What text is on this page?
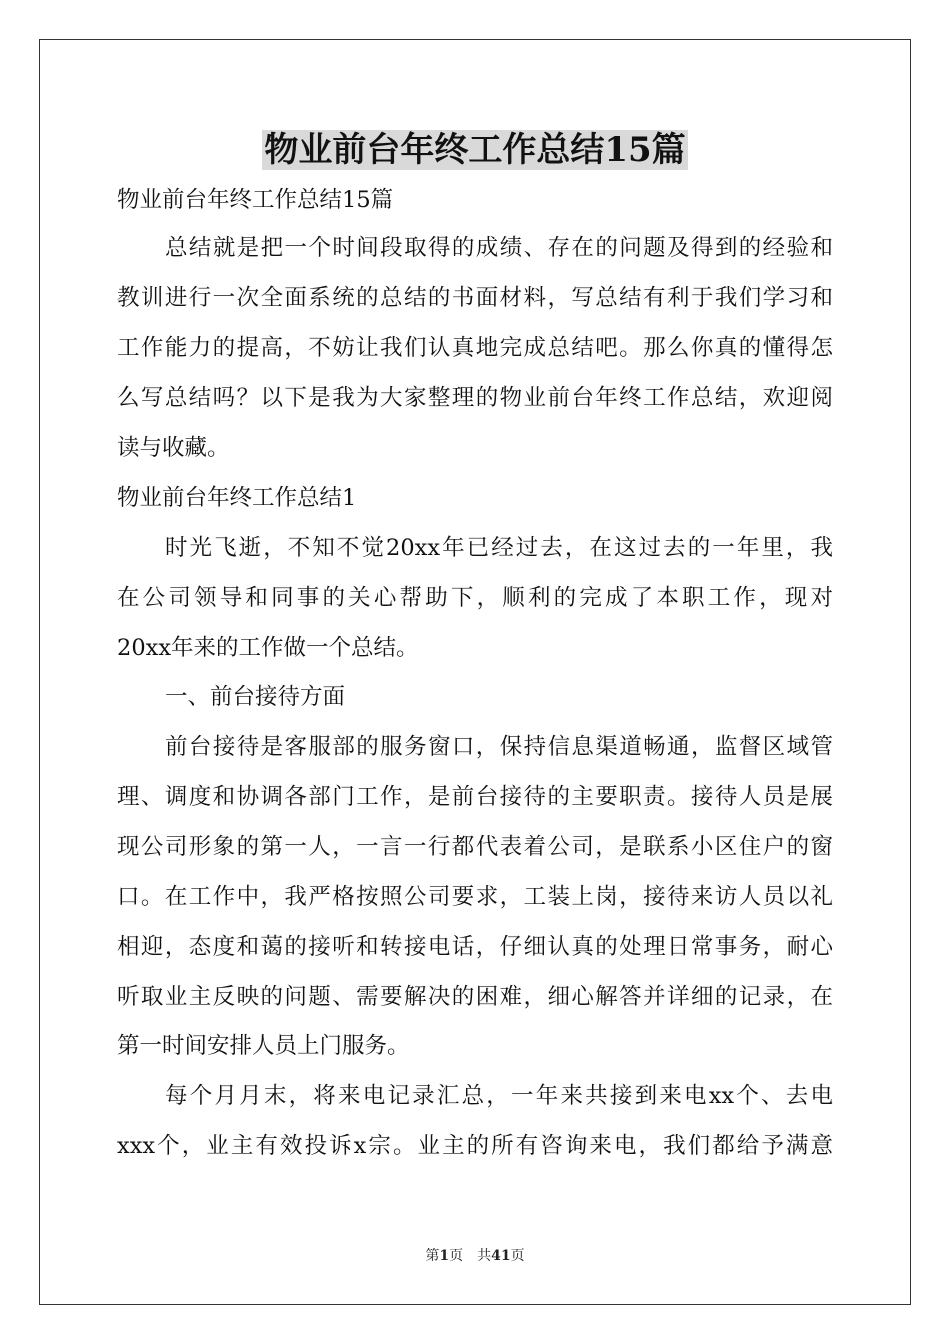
物业前台年终工作总结15篇
物业前台年终工作总结15篇
总结就是把一个时间段取得的成绩、存在的问题及得到的经验和
教训进行一次全面系统的总结的书面材料，写总结有利于我们学习和
工作能力的提高，不妨让我们认真地完成总结吧。那么你真的懂得怎
么写总结吗？以下是我为大家整理的物业前台年终工作总结，欢迎阅
读与收藏。
物业前台年终工作总结1
时光飞逝，不知不觉20xx年已经过去，在这过去的一年里，我
在公司领导和同事的关心帮助下，顺利的完成了本职工作，现对
20xx年来的工作做一个总结。
一、前台接待方面
前台接待是客服部的服务窗口，保持信息渠道畅通，监督区域管
理、调度和协调各部门工作，是前台接待的主要职责。接待人员是展
现公司形象的第一人，一言一行都代表着公司，是联系小区住户的窗
口。在工作中，我严格按照公司要求，工装上岗，接待来访人员以礼
相迎，态度和蔼的接听和转接电话，仔细认真的处理日常事务，耐心
听取业主反映的问题、需要解决的困难，细心解答并详细的记录，在
第一时间安排人员上门服务。
每个月月末，将来电记录汇总，一年来共接到来电xx个、去电
xxx个，业主有效投诉x宗。业主的所有咨询来电，我们都给予满意
第1页　共41页
